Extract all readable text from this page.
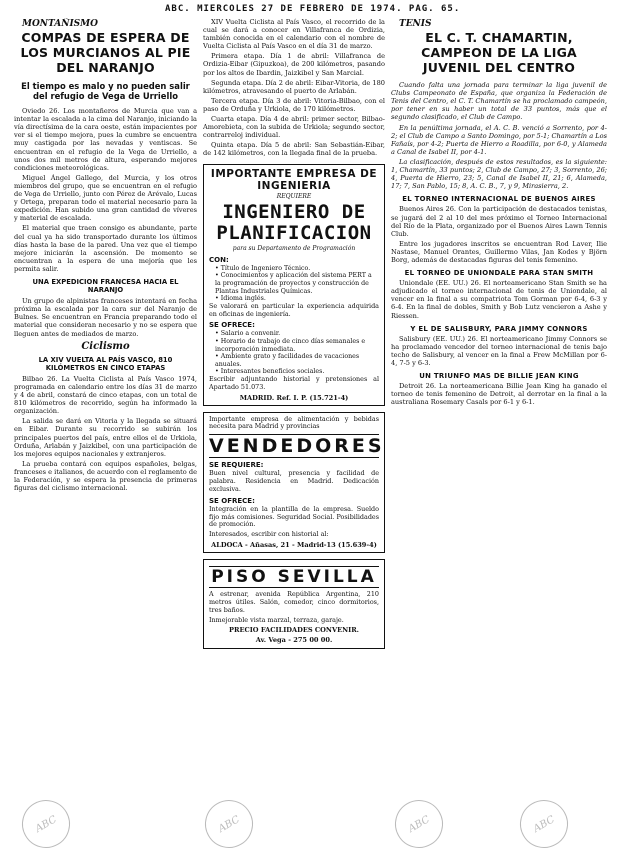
ABC. MIERCOLES 27 DE FEBRERO DE 1974. PAG. 65.
MONTAÑISMO
COMPAS DE ESPERA DE LOS MURCIANOS AL PIE DEL NARANJO
El tiempo es malo y no pueden salir del refugio de Vega de Urriello

Oviedo 26. Los montañeros de Murcia que van a intentar la escalada a la cima del Naranjo, iniciando la vía directísima de la cara oeste, están impacientes por ver si el tiempo mejora, pues la cumbre se encuentra muy castigada por las nevadas y ventiscas. Se encuentran en el refugio de la Vega de Urriello, a unos dos mil metros de altura, esperando mejores condiciones meteorológicas.

Miguel Ángel Gallego, del Murcia, y los otros miembros del grupo, que se encuentran en el refugio de Vega de Urriello, junto con Pérez de Arévalo, Lucas y Ortega, preparan todo el material necesario para la expedición. Han subido una gran cantidad de víveres y material de escalada.

El material que traen consigo es abundante, parte del cual ya ha sido transportado durante los últimos días hasta la base de la pared. Una vez que el tiempo mejore iniciarán la ascensión. De momento se encuentran a la espera de una mejoría que les permita salir.

UNA EXPEDICION FRANCESA HACIA EL NARANJO

Un grupo de alpinistas franceses intentará en fecha próxima la escalada por la cara sur del Naranjo de Bulnes. Se encuentran en Francia preparando todo el material que consideran necesario y no se espera que lleguen antes de mediados de marzo.

Ciclismo
LA XIV VUELTA AL PAÍS VASCO, 810 KILÓMETROS EN CINCO ETAPAS

Bilbao 26. La Vuelta Ciclista al País Vasco 1974, programada en calendario entre los días 31 de marzo y 4 de abril, constará de cinco etapas, con un total de 810 kilómetros de recorrido, según ha informado la organización.

La salida se dará en Vitoria y la llegada se situará en Eibar. Durante su recorrido se subirán los principales puertos del país, entre ellos el de Urkiola, Orduña, Arlabán y Jaizkibel, con una participación de los mejores equipos nacionales y extranjeros.

La prueba contará con equipos españoles, belgas, franceses e italianos, de acuerdo con el reglamento de la Federación, y se espera la presencia de primeras figuras del ciclismo internacional.

XIV Vuelta Ciclista al País Vasco, el recorrido de la cual se dará a conocer en Villafranca de Ordizia, también conocida en el calendario con el nombre de Vuelta Ciclista al País Vasco en el día 31 de marzo.

Primera etapa. Día 1 de abril: Villafranca de Ordizia-Eibar (Gipuzkoa), de 200 kilómetros, pasando por los altos de Ibardin, Jaizkibel y San Marcial.

Segunda etapa. Día 2 de abril: Eibar-Vitoria, de 180 kilómetros, atravesando el puerto de Arlabán.

Tercera etapa. Día 3 de abril: Vitoria-Bilbao, con el paso de Orduña y Urkiola, de 170 kilómetros.

Cuarta etapa. Día 4 de abril: primer sector, Bilbao-Amorebieta, con la subida de Urkiola; segundo sector, contrarreloj individual.

Quinta etapa. Día 5 de abril: San Sebastián-Eibar, de 142 kilómetros, con la llegada final de la prueba.

IMPORTANTE EMPRESA DE INGENIERIA
REQUIERE
INGENIERO DE PLANIFICACION
para su Departamento de Programación
CON:
• Título de Ingeniero Técnico.
• Conocimientos y aplicación del sistema PERT a la programación de proyectos y construcción de Plantas Industriales Químicas.
• Idioma inglés.
Se valorará en particular la experiencia adquirida en oficinas de ingeniería.
SE OFRECE:
• Salario a convenir.
• Horario de trabajo de cinco días semanales e incorporación inmediata.
• Ambiente grato y facilidades de vacaciones anuales.
• Interesantes beneficios sociales.
Escribir adjuntando historial y pretensiones al Apartado 51.073.
MADRID. Ref. I. P. (15.721-4)
Importante empresa de alimentación y bebidas necesita para Madrid y provincias
VENDEDORES
SE REQUIERE:
Buen nivel cultural, presencia y facilidad de palabra. Residencia en Madrid. Dedicación exclusiva.
SE OFRECE:
Integración en la plantilla de la empresa. Sueldo fijo más comisiones. Seguridad Social. Posibilidades de promoción.
Interesados, escribir con historial al:
ALDOCA - Añasas, 21 - Madrid-13 (15.639-4)
PISO SEVILLA
A estrenar, avenida República Argentina, 210 metros útiles. Salón, comedor, cinco dormitorios, tres baños.
Inmejorable vista marzal, terraza, garaje.
PRECIO FACILIDADES CONVENIR.
Av. Vega - 275 00 00.
TENIS
EL C. T. CHAMARTIN, CAMPEON DE LA LIGA JUVENIL DEL CENTRO

Cuando falta una jornada para terminar la liga juvenil de Clubs Campeonato de España, que organiza la Federación de Tenis del Centro, el C. T. Chamartín se ha proclamado campeón, por tener en su haber un total de 33 puntos, más que el segundo clasificado, el Club de Campo.

En la penúltima jornada, el A. C. B. venció a Sorrento, por 4-2; el Club de Campo a Santo Domingo, por 5-1; Chamartín a Los Fañaís, por 4-2; Puerta de Hierro a Roadilla, por 6-0, y Alameda a Canal de Isabel II, por 4-1.

La clasificación, después de estos resultados, es la siguiente: 1, Chamartín, 33 puntos; 2, Club de Campo, 27; 3, Sorrento, 26; 4, Puerta de Hierro, 23; 5, Canal de Isabel II, 21; 6, Alameda, 17; 7, San Pablo, 15; 8, A. C. B., 7, y 9, Mirasierra, 2.

EL TORNEO INTERNACIONAL DE BUENOS AIRES

Buenos Aires 26. Con la participación de destacados tenistas, se jugará del 2 al 10 del mes próximo el Torneo Internacional del Río de la Plata, organizado por el Buenos Aires Lawn Tennis Club.

Entre los jugadores inscritos se encuentran Rod Laver, Ilie Nastase, Manuel Orantes, Guillermo Vilas, Jan Kodes y Björn Borg, además de destacadas figuras del tenis femenino.

EL TORNEO DE UNIONDALE PARA STAN SMITH

Uniondale (EE. UU.) 26. El norteamericano Stan Smith se ha adjudicado el torneo internacional de tenis de Uniondale, al vencer en la final a su compatriota Tom Gorman por 6-4, 6-3 y 6-4. En la final de dobles, Smith y Bob Lutz vencieron a Ashe y Riessen.

Y EL DE SALISBURY, PARA JIMMY CONNORS

Salisbury (EE. UU.) 26. El norteamericano Jimmy Connors se ha proclamado vencedor del torneo internacional de tenis bajo techo de Salisbury, al vencer en la final a Frew McMillan por 6-4, 7-5 y 6-3.

UN TRIUNFO MAS DE BILLIE JEAN KING

Detroit 26. La norteamericana Billie Jean King ha ganado el torneo de tenis femenino de Detroit, al derrotar en la final a la australiana Rosemary Casals por 6-1 y 6-1.

ABC	ABC	ABC	ABC
